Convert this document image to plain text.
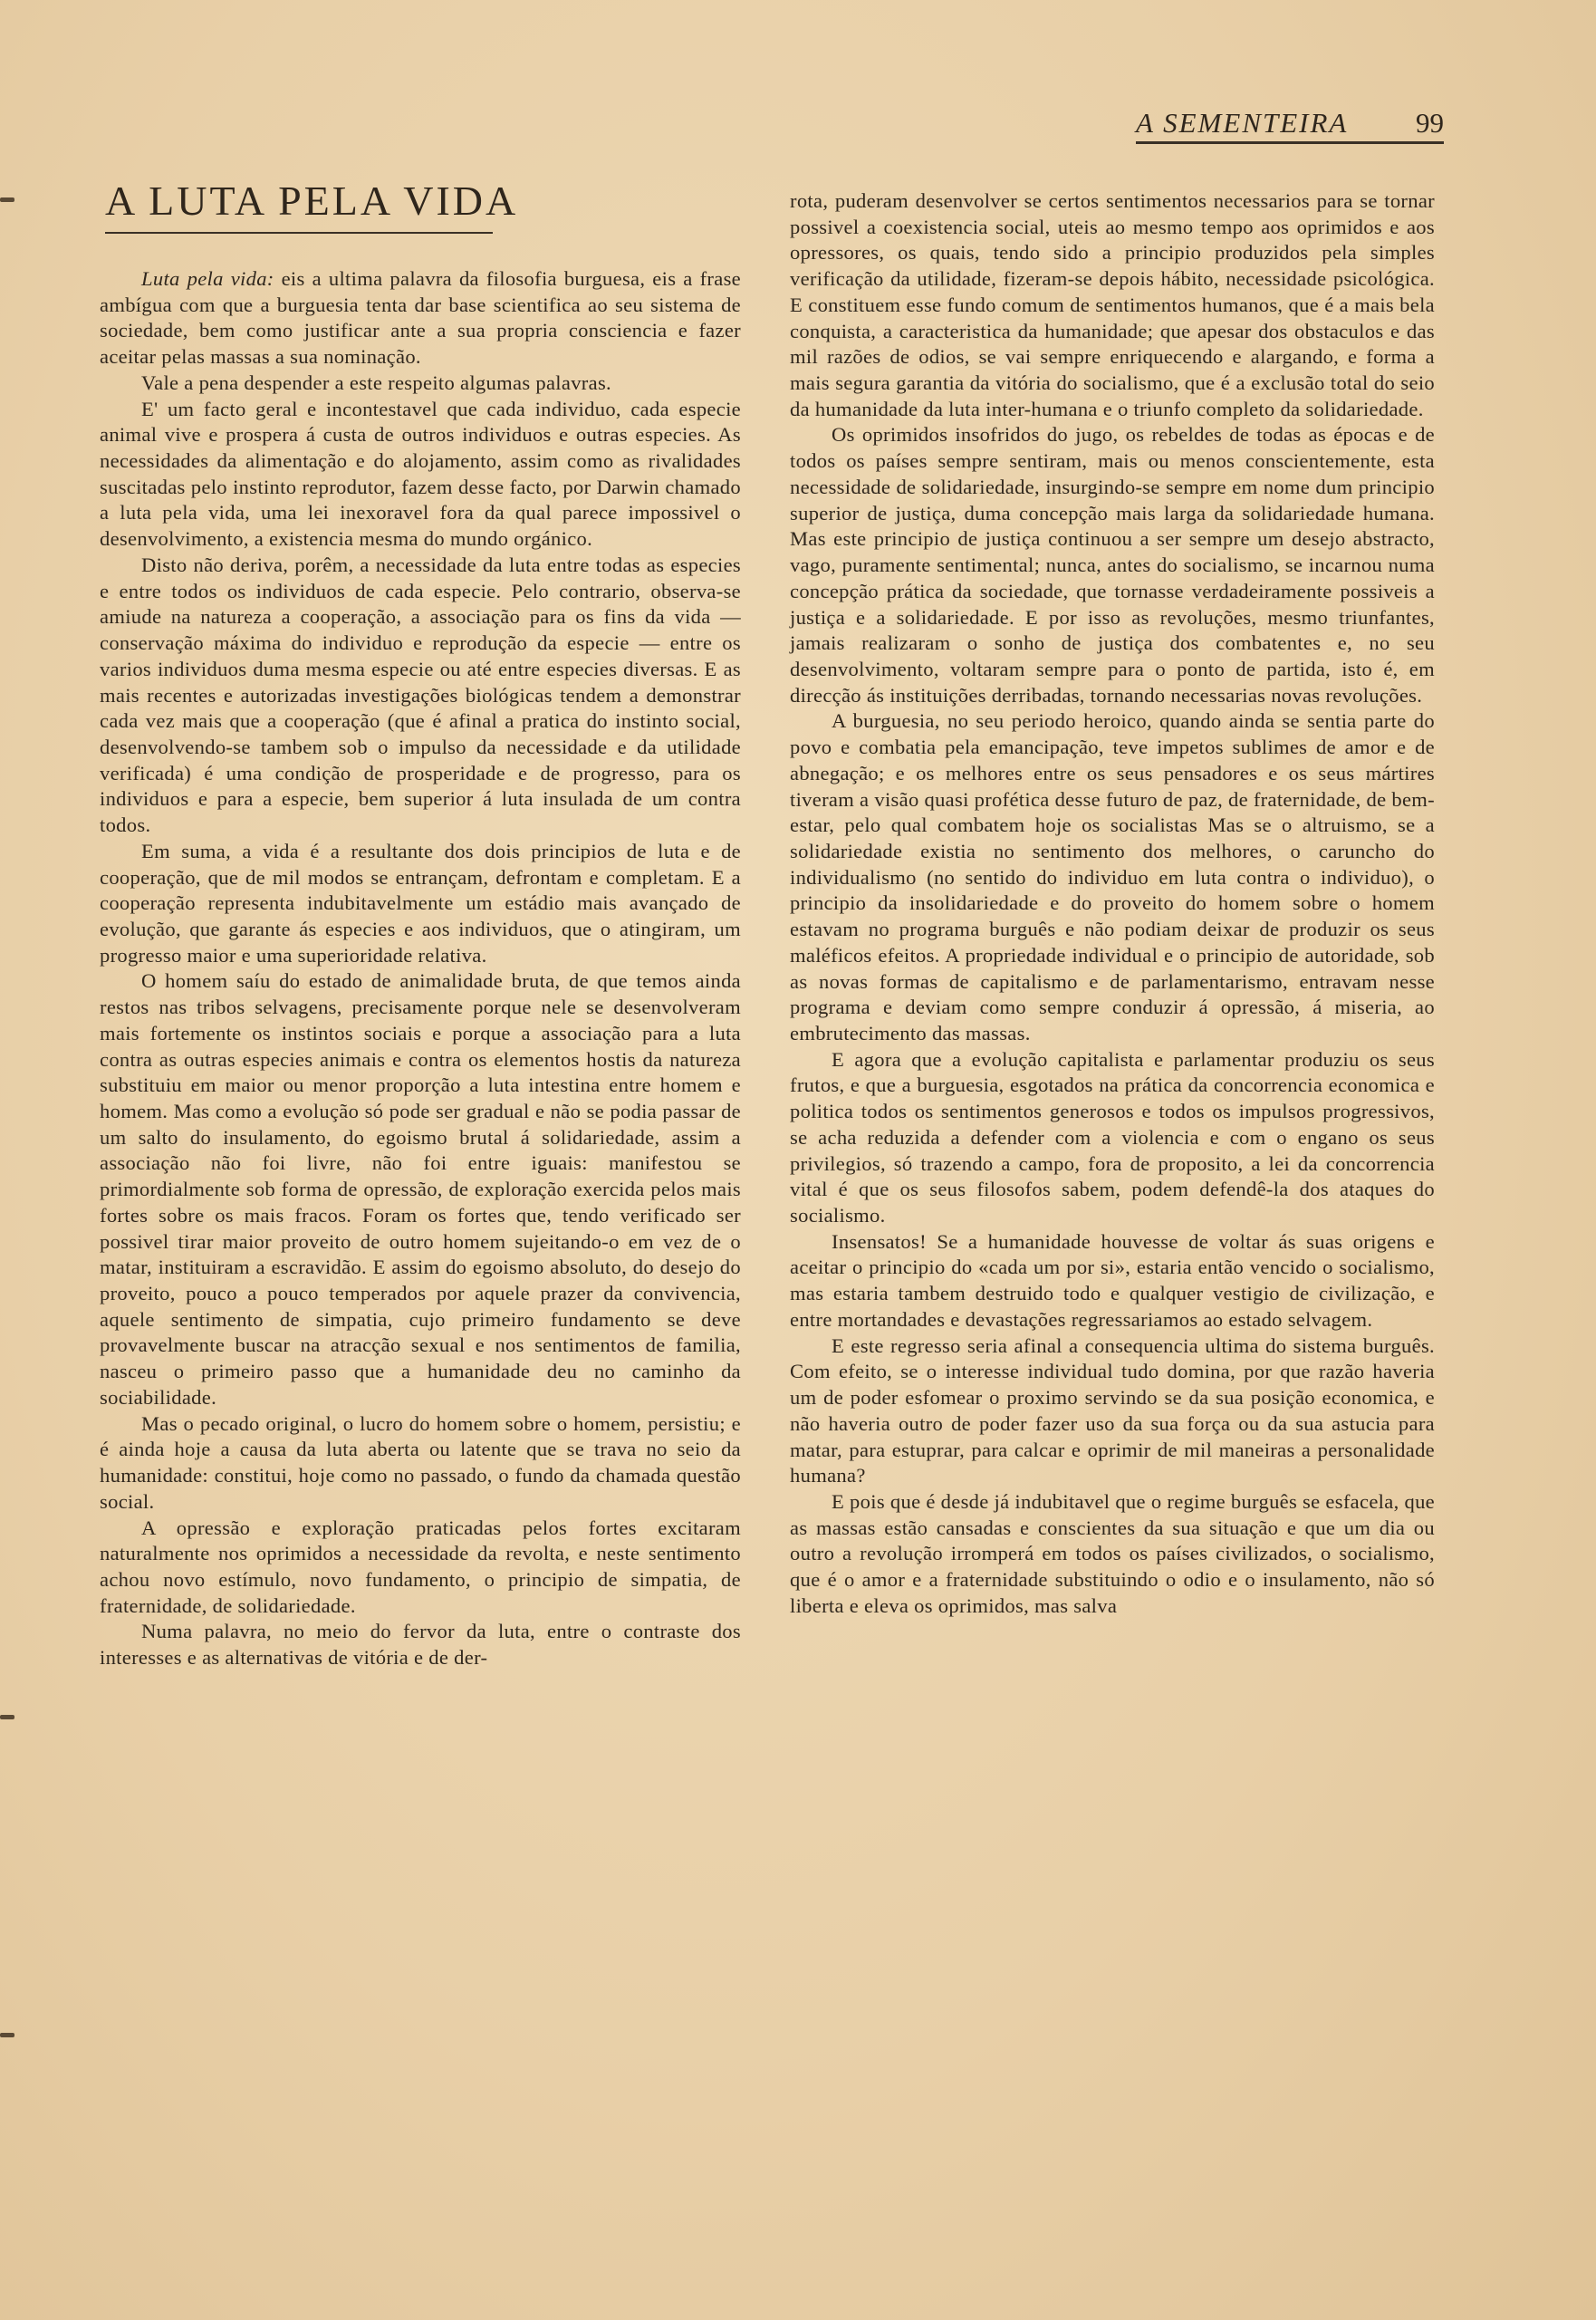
A SEMENTEIRA 99
A LUTA PELA VIDA

Luta pela vida: eis a ultima palavra da filosofia burguesa, eis a frase ambígua com que a burguesia tenta dar base scientifica ao seu sistema de sociedade, bem como justificar ante a sua propria consciencia e fazer aceitar pelas massas a sua nominação.

Vale a pena despender a este respeito algumas palavras.

E' um facto geral e incontestavel que cada individuo, cada especie animal vive e prospera á custa de outros individuos e outras especies. As necessidades da alimentação e do alojamento, assim como as rivalidades suscitadas pelo instinto reprodutor, fazem desse facto, por Darwin chamado a luta pela vida, uma lei inexoravel fora da qual parece impossivel o desenvolvimento, a existencia mesma do mundo orgánico.

Disto não deriva, porêm, a necessidade da luta entre todas as especies e entre todos os individuos de cada especie. Pelo contrario, observa-se amiude na natureza a cooperação, a associação para os fins da vida — conservação máxima do individuo e reprodução da especie — entre os varios individuos duma mesma especie ou até entre especies diversas. E as mais recentes e autorizadas investigações biológicas tendem a demonstrar cada vez mais que a cooperação (que é afinal a pratica do instinto social, desenvolvendo-se tambem sob o impulso da necessidade e da utilidade verificada) é uma condição de prosperidade e de progresso, para os individuos e para a especie, bem superior á luta insulada de um contra todos.

Em suma, a vida é a resultante dos dois principios de luta e de cooperação, que de mil modos se entrançam, defrontam e completam. E a cooperação representa indubitavelmente um estádio mais avançado de evolução, que garante ás especies e aos individuos, que o atingiram, um progresso maior e uma superioridade relativa.

O homem saíu do estado de animalidade bruta, de que temos ainda restos nas tribos selvagens, precisamente porque nele se desenvolveram mais fortemente os instintos sociais e porque a associação para a luta contra as outras especies animais e contra os elementos hostis da natureza substituiu em maior ou menor proporção a luta intestina entre homem e homem. Mas como a evolução só pode ser gradual e não se podia passar de um salto do insulamento, do egoismo brutal á solidariedade, assim a associação não foi livre, não foi entre iguais: manifestou se primordialmente sob forma de opressão, de exploração exercida pelos mais fortes sobre os mais fracos. Foram os fortes que, tendo verificado ser possivel tirar maior proveito de outro homem sujeitando-o em vez de o matar, instituiram a escravidão. E assim do egoismo absoluto, do desejo do proveito, pouco a pouco temperados por aquele prazer da convivencia, aquele sentimento de simpatia, cujo primeiro fundamento se deve provavelmente buscar na atracção sexual e nos sentimentos de familia, nasceu o primeiro passo que a humanidade deu no caminho da sociabilidade.

Mas o pecado original, o lucro do homem sobre o homem, persistiu; e é ainda hoje a causa da luta aberta ou latente que se trava no seio da humanidade: constitui, hoje como no passado, o fundo da chamada questão social.

A opressão e exploração praticadas pelos fortes excitaram naturalmente nos oprimidos a necessidade da revolta, e neste sentimento achou novo estímulo, novo fundamento, o principio de simpatia, de fraternidade, de solidariedade.

Numa palavra, no meio do fervor da luta, entre o contraste dos interesses e as alternativas de vitória e de der-

rota, puderam desenvolver se certos sentimentos necessarios para se tornar possivel a coexistencia social, uteis ao mesmo tempo aos oprimidos e aos opressores, os quais, tendo sido a principio produzidos pela simples verificação da utilidade, fizeram-se depois hábito, necessidade psicológica. E constituem esse fundo comum de sentimentos humanos, que é a mais bela conquista, a caracteristica da humanidade; que apesar dos obstaculos e das mil razões de odios, se vai sempre enriquecendo e alargando, e forma a mais segura garantia da vitória do socialismo, que é a exclusão total do seio da humanidade da luta inter-humana e o triunfo completo da solidariedade.

Os oprimidos insofridos do jugo, os rebeldes de todas as épocas e de todos os países sempre sentiram, mais ou menos conscientemente, esta necessidade de solidariedade, insurgindo-se sempre em nome dum principio superior de justiça, duma concepção mais larga da solidariedade humana. Mas este principio de justiça continuou a ser sempre um desejo abstracto, vago, puramente sentimental; nunca, antes do socialismo, se incarnou numa concepção prática da sociedade, que tornasse verdadeiramente possiveis a justiça e a solidariedade. E por isso as revoluções, mesmo triunfantes, jamais realizaram o sonho de justiça dos combatentes e, no seu desenvolvimento, voltaram sempre para o ponto de partida, isto é, em direcção ás instituições derribadas, tornando necessarias novas revoluções.

A burguesia, no seu periodo heroico, quando ainda se sentia parte do povo e combatia pela emancipação, teve impetos sublimes de amor e de abnegação; e os melhores entre os seus pensadores e os seus mártires tiveram a visão quasi profética desse futuro de paz, de fraternidade, de bem-estar, pelo qual combatem hoje os socialistas Mas se o altruismo, se a solidariedade existia no sentimento dos melhores, o caruncho do individualismo (no sentido do individuo em luta contra o individuo), o principio da insolidariedade e do proveito do homem sobre o homem estavam no programa burguês e não podiam deixar de produzir os seus maléficos efeitos. A propriedade individual e o principio de autoridade, sob as novas formas de capitalismo e de parlamentarismo, entravam nesse programa e deviam como sempre conduzir á opressão, á miseria, ao embrutecimento das massas.

E agora que a evolução capitalista e parlamentar produziu os seus frutos, e que a burguesia, esgotados na prática da concorrencia economica e politica todos os sentimentos generosos e todos os impulsos progressivos, se acha reduzida a defender com a violencia e com o engano os seus privilegios, só trazendo a campo, fora de proposito, a lei da concorrencia vital é que os seus filosofos sabem, podem defendê-la dos ataques do socialismo.

Insensatos! Se a humanidade houvesse de voltar ás suas origens e aceitar o principio do «cada um por si», estaria então vencido o socialismo, mas estaria tambem destruido todo e qualquer vestigio de civilização, e entre mortandades e devastações regressariamos ao estado selvagem.

E este regresso seria afinal a consequencia ultima do sistema burguês. Com efeito, se o interesse individual tudo domina, por que razão haveria um de poder esfomear o proximo servindo se da sua posição economica, e não haveria outro de poder fazer uso da sua força ou da sua astucia para matar, para estuprar, para calcar e oprimir de mil maneiras a personalidade humana?

E pois que é desde já indubitavel que o regime burguês se esfacela, que as massas estão cansadas e conscientes da sua situação e que um dia ou outro a revolução irromperá em todos os países civilizados, o socialismo, que é o amor e a fraternidade substituindo o odio e o insulamento, não só liberta e eleva os oprimidos, mas salva
